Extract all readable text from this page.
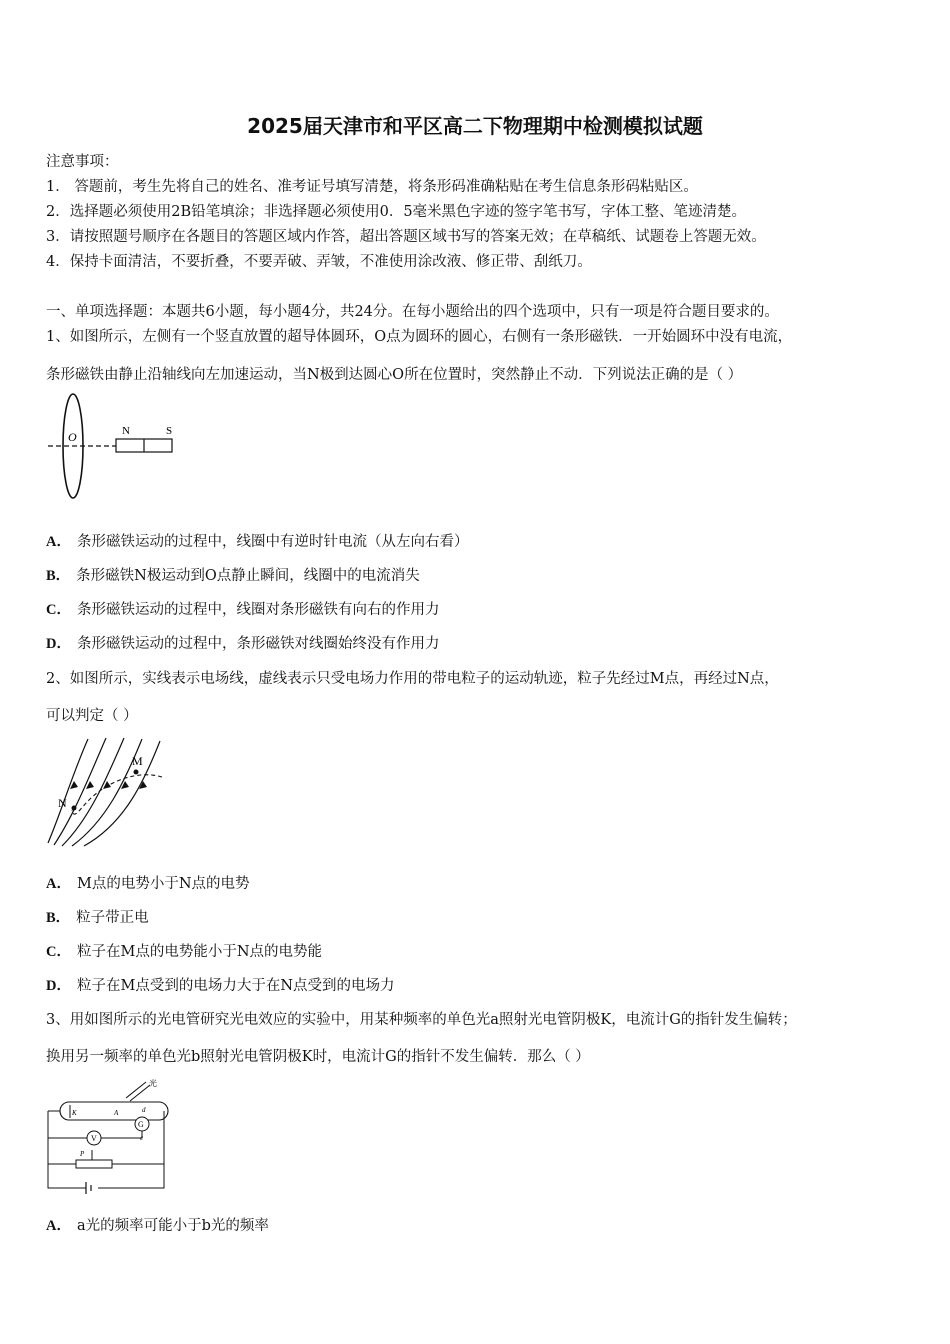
2025届天津市和平区高二下物理期中检测模拟试题
注意事项：
1． 答题前，考生先将自己的姓名、准考证号填写清楚，将条形码准确粘贴在考生信息条形码粘贴区。
2．选择题必须使用2B铅笔填涂；非选择题必须使用0．5毫米黑色字迹的签字笔书写，字体工整、笔迹清楚。
3．请按照题号顺序在各题目的答题区域内作答，超出答题区域书写的答案无效；在草稿纸、试题卷上答题无效。
4．保持卡面清洁，不要折叠，不要弄破、弄皱，不准使用涂改液、修正带、刮纸刀。
一、单项选择题：本题共6小题，每小题4分，共24分。在每小题给出的四个选项中，只有一项是符合题目要求的。
1、如图所示，左侧有一个竖直放置的超导体圆环，O点为圆环的圆心，右侧有一条形磁铁．一开始圆环中没有电流，
条形磁铁由静止沿轴线向左加速运动，当N极到达圆心O所在位置时，突然静止不动．下列说法正确的是（ ）
O	N	S
A． 条形磁铁运动的过程中，线圈中有逆时针电流（从左向右看）
B． 条形磁铁N极运动到O点静止瞬间，线圈中的电流消失
C． 条形磁铁运动的过程中，线圈对条形磁铁有向右的作用力
D． 条形磁铁运动的过程中，条形磁铁对线圈始终没有作用力
2、如图所示，实线表示电场线，虚线表示只受电场力作用的带电粒子的运动轨迹，粒子先经过M点，再经过N点，
可以判定（ ）
M
N
A． M点的电势小于N点的电势
B． 粒子带正电
C． 粒子在M点的电势能小于N点的电势能
D． 粒子在M点受到的电场力大于在N点受到的电场力
3、用如图所示的光电管研究光电效应的实验中，用某种频率的单色光a照射光电管阴极K，电流计G的指针发生偏转；
换用另一频率的单色光b照射光电管阴极K时，电流计G的指针不发生偏转．那么（ ）
光
K	A
P
V
G
d
c
A． a光的频率可能小于b光的频率
